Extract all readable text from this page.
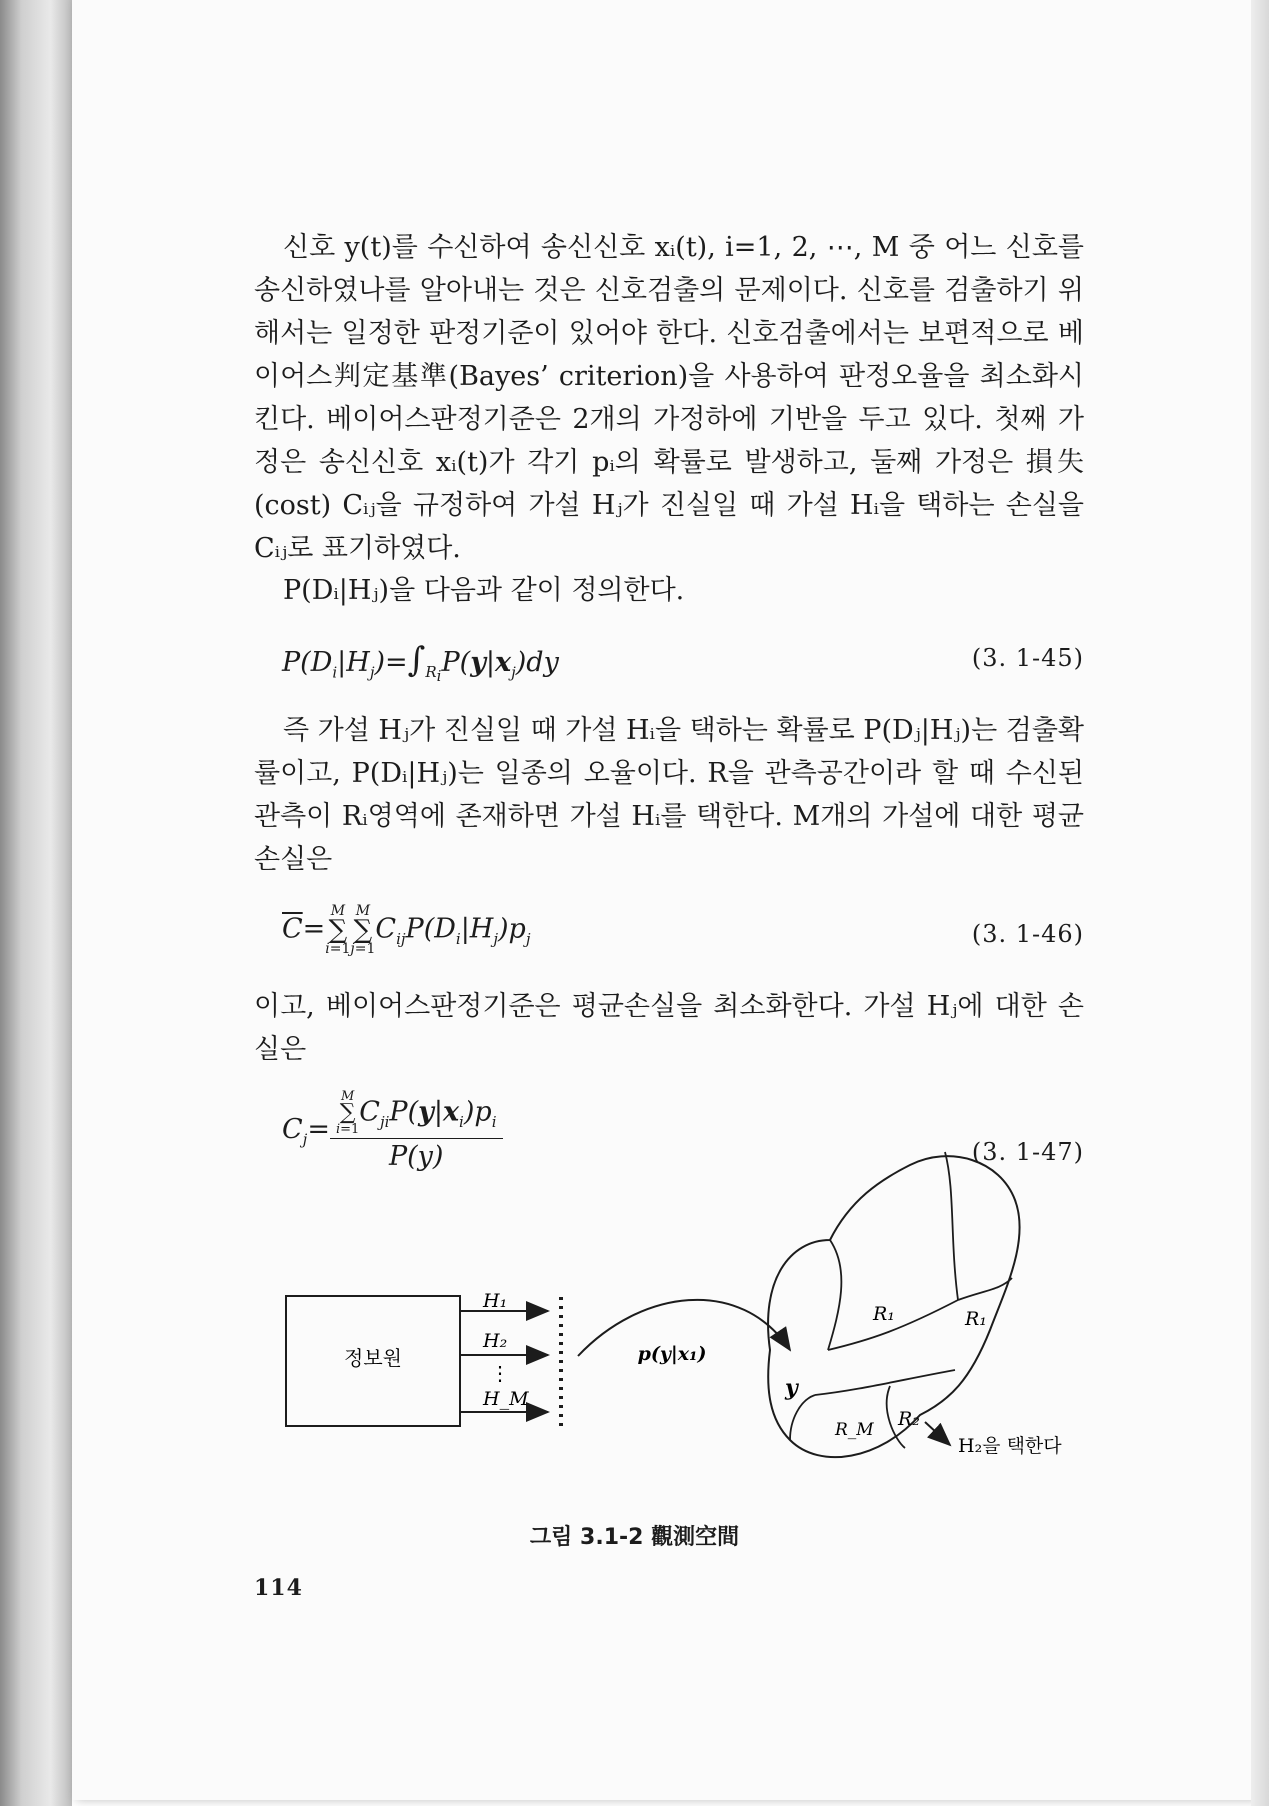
신호 y(t)를 수신하여 송신신호 xᵢ(t), i=1, 2, ⋯, M 중 어느 신호를 송신하였나를 알아내는 것은 신호검출의 문제이다. 신호를 검출하기 위해서는 일정한 판정기준이 있어야 한다. 신호검출에서는 보편적으로 베이어스判定基準(Bayes’ criterion)을 사용하여 판정오율을 최소화시킨다. 베이어스판정기준은 2개의 가정하에 기반을 두고 있다. 첫째 가정은 송신신호 xᵢ(t)가 각기 pᵢ의 확률로 발생하고, 둘째 가정은 損失(cost) Cᵢⱼ을 규정하여 가설 Hⱼ가 진실일 때 가설 Hᵢ을 택하는 손실을 Cᵢⱼ로 표기하였다.

P(Dᵢ|Hⱼ)을 다음과 같이 정의한다.

$P(D_i|H_j)=\int_{R_i}P(y|x_j)dy$	(3. 1-45)

즉 가설 Hⱼ가 진실일 때 가설 Hᵢ을 택하는 확률로 P(Dⱼ|Hⱼ)는 검출확률이고, P(Dᵢ|Hⱼ)는 일종의 오율이다. R을 관측공간이라 할 때 수신된 관측이 Rᵢ영역에 존재하면 가설 Hᵢ를 택한다. M개의 가설에 대한 평균손실은

$\overline{C}=M$
∑
i=1M
∑
$j=1C_{ij}P(D_i|H_j)p_j$	(3. 1-46)

이고, 베이어스판정기준은 평균손실을 최소화한다. 가설 Hⱼ에 대한 손실은

$C_j=$
M
∑
$i=1C_{ji}P(y|x_i)p_i$
P(y)	(3. 1-47)
정보원
H₁
H₂
⋮
H_M
p(y|x₁)
R₁	R₁
R_M R₂
y
H₂을 택한다
그림 3.1-2 觀測空間
114
